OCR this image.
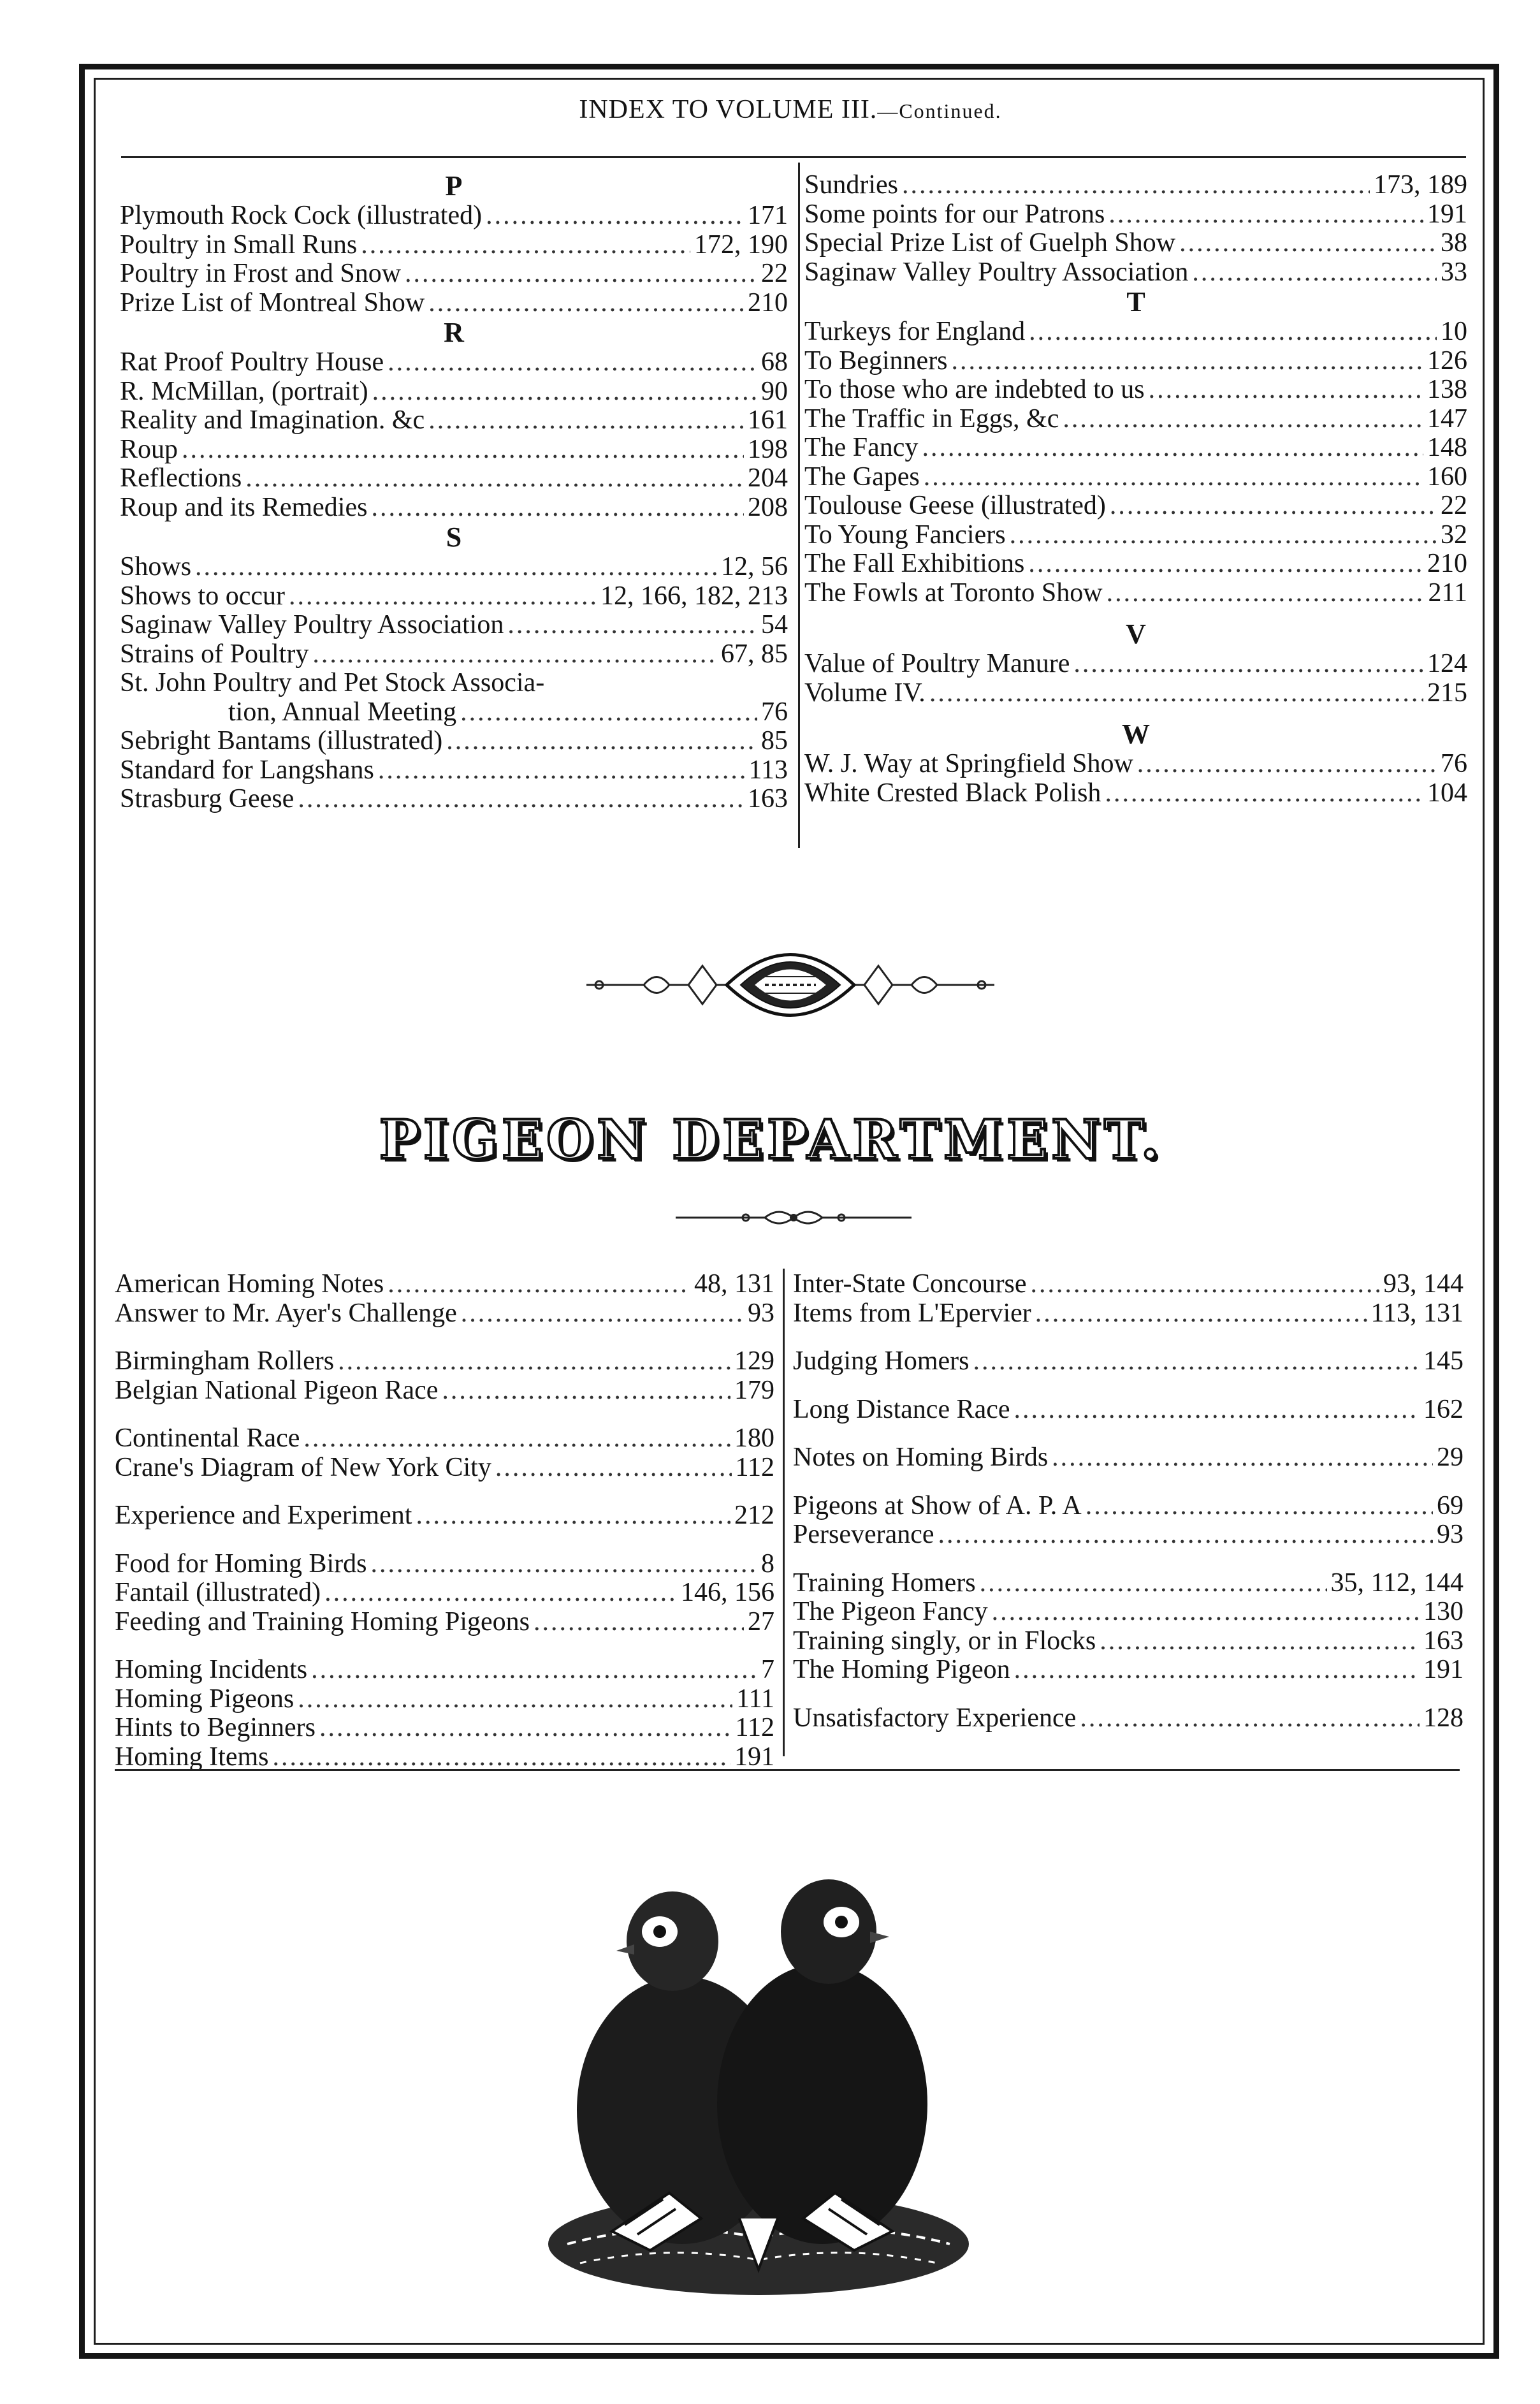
INDEX TO VOLUME III.—Continued.
P
Plymouth Rock Cock (illustrated) .....	171
Poultry in Small Runs .....	172, 190
Poultry in Frost and Snow .....	22
Prize List of Montreal Show .....	210
R
Rat Proof Poultry House .....	68
R. McMillan, (portrait) .....	90
Reality and Imagination. &c .....	161
Roup .....	198
Reflections .....	204
Roup and its Remedies .....	208
S
Shows .....	12, 56
Shows to occur .....	12, 166, 182, 213
Saginaw Valley Poultry Association .....	54
Strains of Poultry .....	67, 85
St. John Poultry and Pet Stock Associa-
tion, Annual Meeting .....	76
Sebright Bantams (illustrated) .....	85
Standard for Langshans .....	113
Strasburg Geese .....	163
Sundries .....	173, 189
Some points for our Patrons .....	191
Special Prize List of Guelph Show .....	38
Saginaw Valley Poultry Association .....	33
T
Turkeys for England .....	10
To Beginners .....	126
To those who are indebted to us .....	138
The Traffic in Eggs, &c .....	147
The Fancy .....	148
The Gapes .....	160
Toulouse Geese (illustrated) .....	22
To Young Fanciers .....	32
The Fall Exhibitions .....	210
The Fowls at Toronto Show .....	211
V
Value of Poultry Manure .....	124
Volume IV. .....	215
W
W. J. Way at Springfield Show .....	76
White Crested Black Polish .....	104
PIGEON DEPARTMENT.
American Homing Notes .....	48, 131
Answer to Mr. Ayer's Challenge .....	93
Birmingham Rollers .....	129
Belgian National Pigeon Race .....	179
Continental Race .....	180
Crane's Diagram of New York City .....	112
Experience and Experiment .....	212
Food for Homing Birds .....	8
Fantail (illustrated) .....	146, 156
Feeding and Training Homing Pigeons .....	27
Homing Incidents .....	7
Homing Pigeons .....	111
Hints to Beginners .....	112
Homing Items .....	191
Inter-State Concourse .....	93, 144
Items from L'Epervier .....	113, 131
Judging Homers .....	145
Long Distance Race .....	162
Notes on Homing Birds .....	29
Pigeons at Show of A. P. A .....	69
Perseverance .....	93
Training Homers .....	35, 112, 144
The Pigeon Fancy .....	130
Training singly, or in Flocks .....	163
The Homing Pigeon .....	191
Unsatisfactory Experience .....	128
